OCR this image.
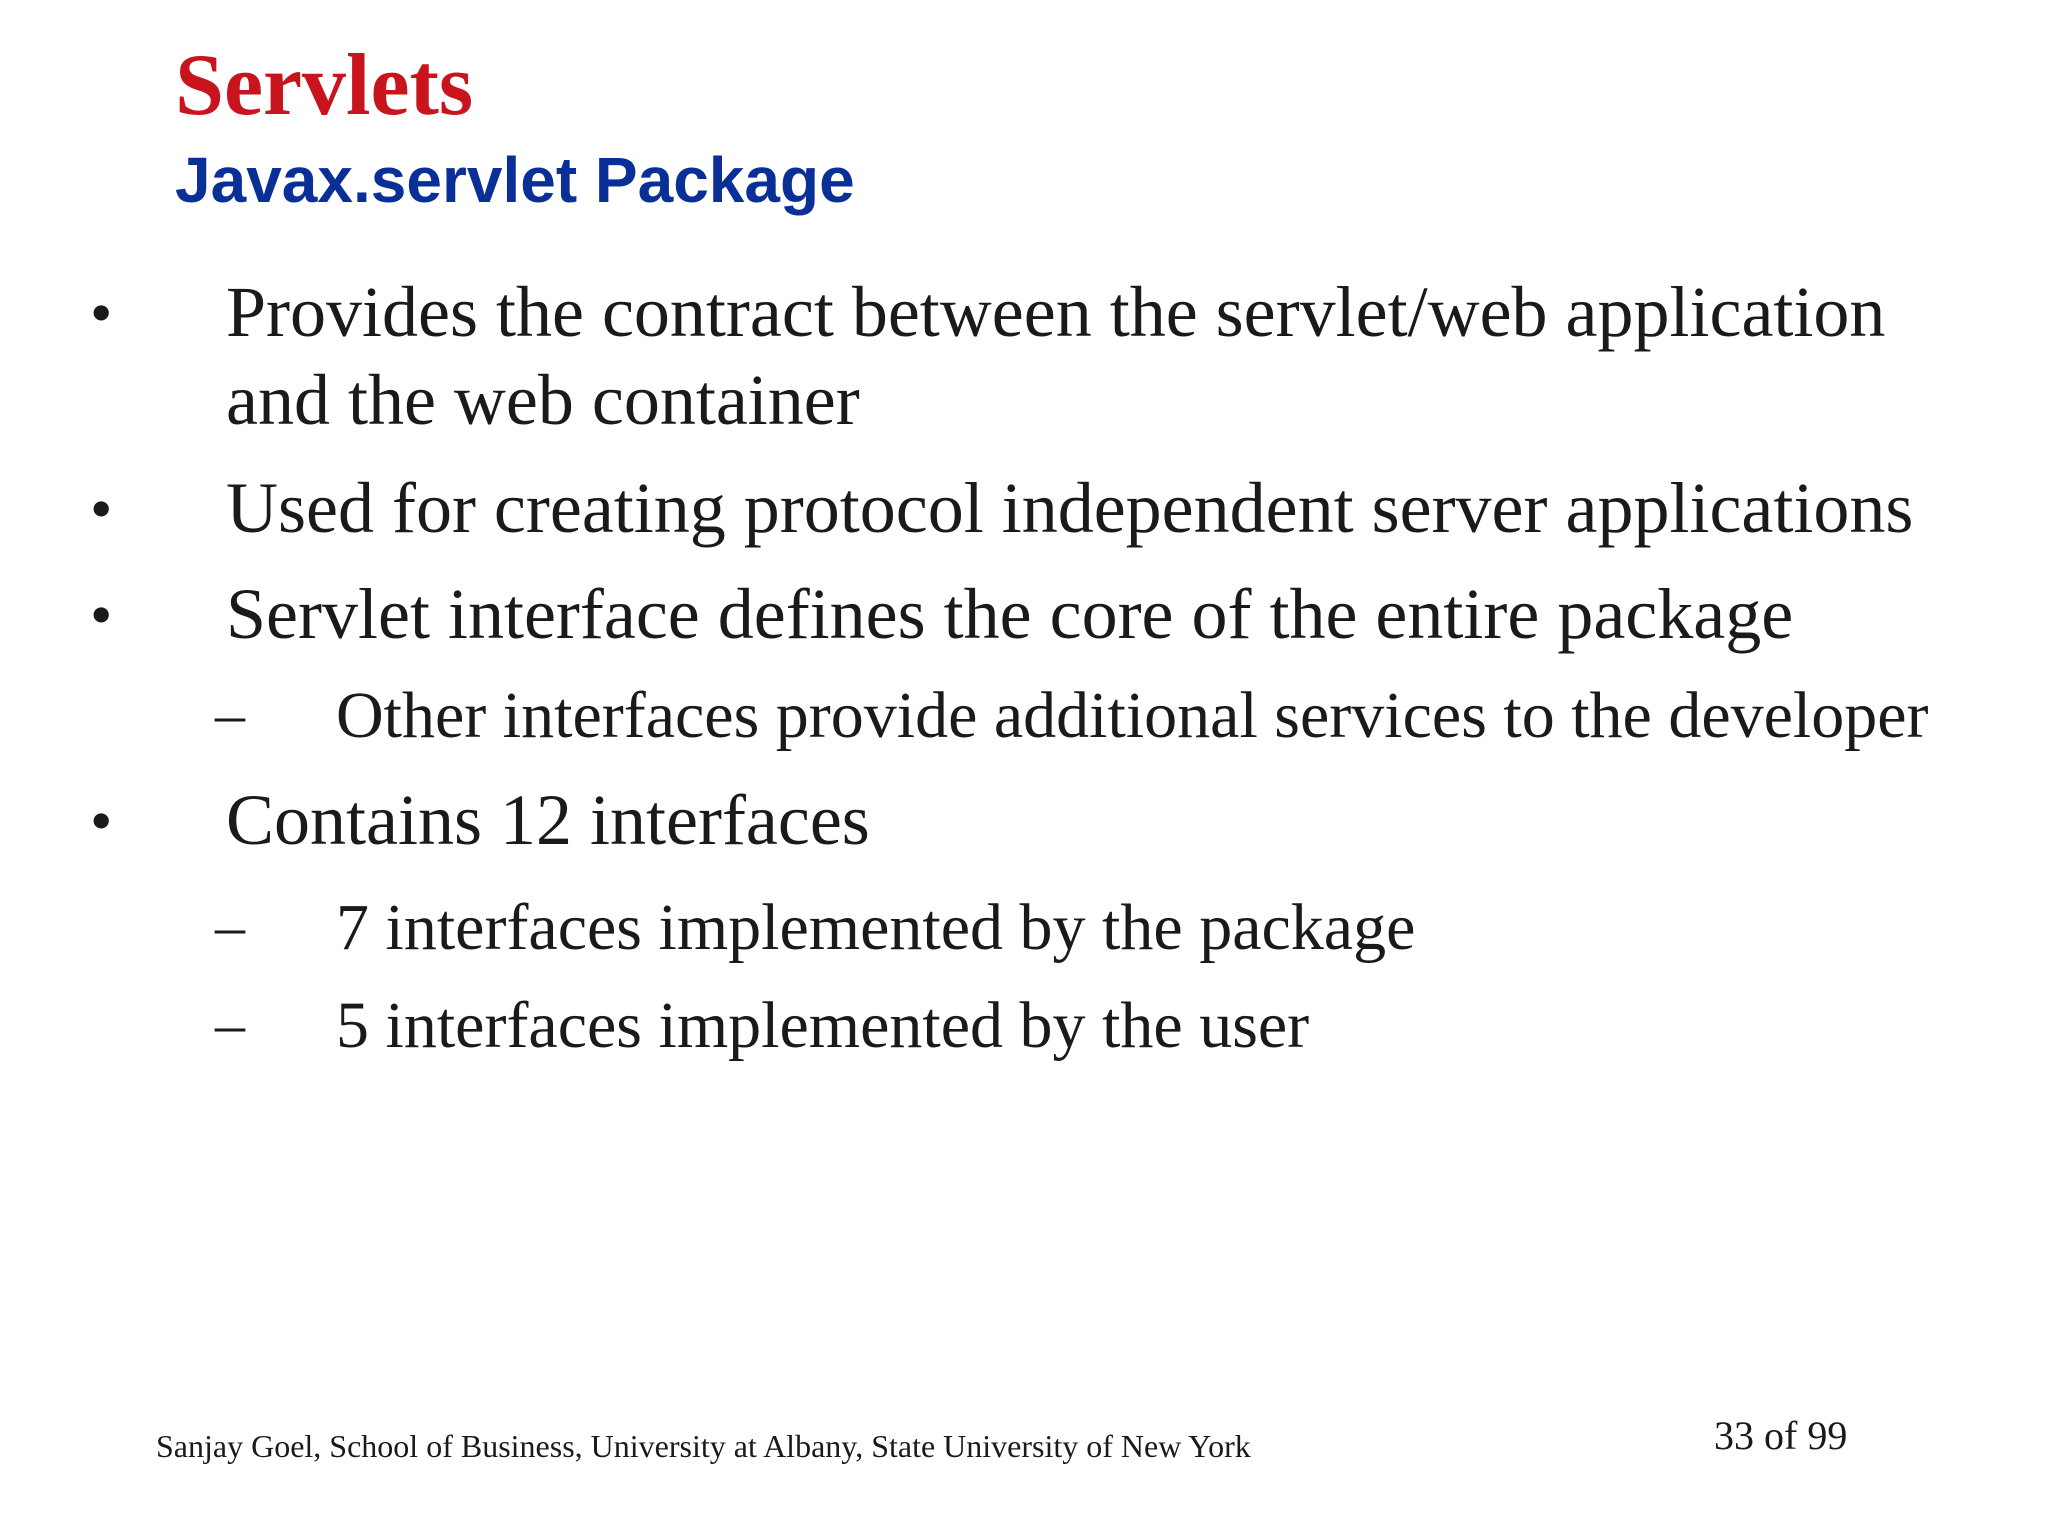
Servlets
Javax.servlet Package
• Provides the contract between the servlet/web application
and the web container
• Used for creating protocol independent server applications
• Servlet interface defines the core of the entire package
– Other interfaces provide additional services to the developer
• Contains 12 interfaces
– 7 interfaces implemented by the package
– 5 interfaces implemented by the user
Sanjay Goel, School of Business, University at Albany, State University of New York	33 of 99
